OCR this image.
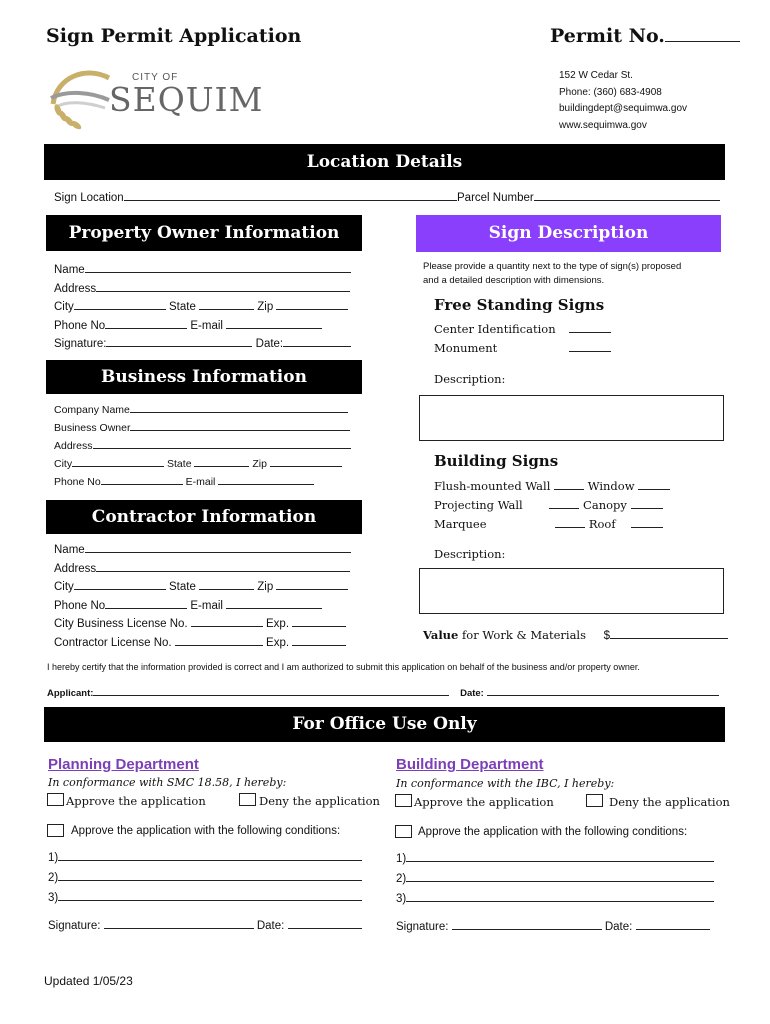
Sign Permit Application	Permit No.
CITY OF
SEQUIM
152 W Cedar St.
Phone: (360) 683-4908
buildingdept@sequimwa.gov
www.sequimwa.gov
Location Details
Sign Location	Parcel Number
Property Owner Information
Name
Address
City	State	Zip
Phone No	E-mail
Signature:	Date:
Sign Description
Please provide a quantity next to the type of sign(s) proposed
and a detailed description with dimensions.
Free Standing Signs
Center Identification
Monument
Description:
Building Signs
Flush-mounted Wall	Window
Projecting Wall	Canopy
Marquee	Roof
Description:
Value for Work & Materials $
Business Information
Company Name
Business Owner
Address
City	State	Zip
Phone No	E-mail
Contractor Information
Name
Address
City	State	Zip
Phone No	E-mail
City Business License No.	Exp.
Contractor License No.	Exp.
I hereby certify that the information provided is correct and I am authorized to submit this application on behalf of the business and/or property owner.
Applicant:	Date:
For Office Use Only
Planning Department
In conformance with SMC 18.58, I hereby:
Approve the application	Deny the application
Approve the application with the following conditions:
1)
2)
3)
Signature:	Date:
Building Department
In conformance with the IBC, I hereby:
Approve the application	Deny the application
Approve the application with the following conditions:
1)
2)
3)
Signature:	Date:
Updated 1/05/23
